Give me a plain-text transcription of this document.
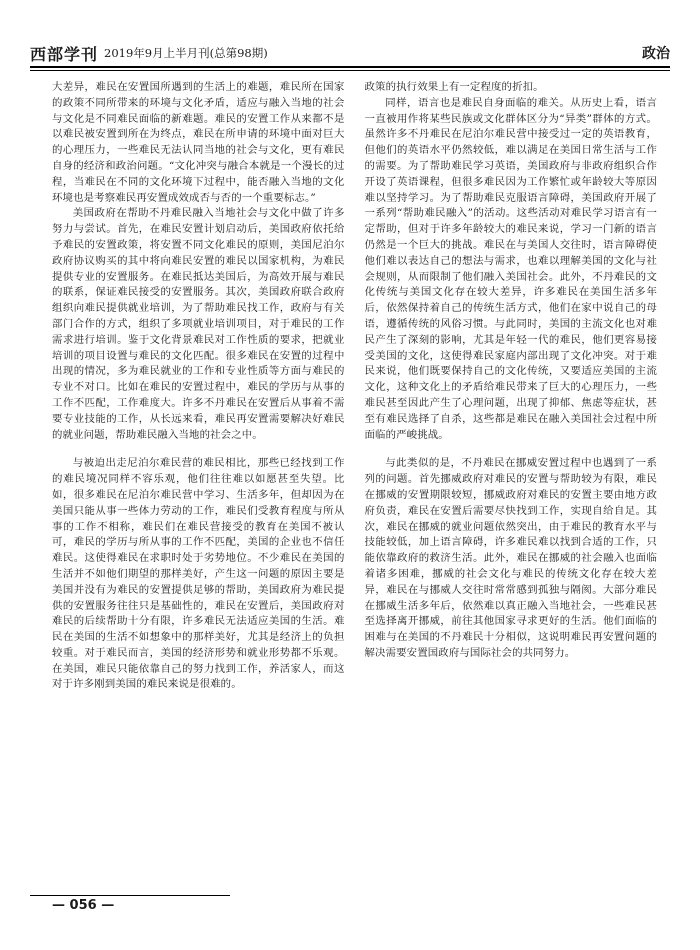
西部学刊 2019年9月上半月刊(总第98期)	政治

大差异，难民在安置国所遇到的生活上的难题，难民所在国家的政策不同所带来的环境与文化矛盾，适应与融入当地的社会与文化是不同难民面临的新难题。难民的安置工作从来都不是以难民被安置到所在为终点，难民在所申请的环境中面对巨大的心理压力，一些难民无法认同当地的社会与文化，更有难民自身的经济和政治问题。“文化冲突与融合本就是一个漫长的过程，当难民在不同的文化环境下过程中，能否融入当地的文化环境也是考察难民再安置成效成否与否的一个重要标志。”

美国政府在帮助不丹难民融入当地社会与文化中做了许多努力与尝试。首先，在难民安置计划启动后，美国政府依托给予难民的安置政策，将安置不同文化难民的原则，美国尼泊尔政府协议购买的其中将向难民安置的难民以国家机构，为难民提供专业的安置服务。在难民抵达美国后，为高效开展与难民的联系，保证难民接受的安置服务。其次，美国政府联合政府组织向难民提供就业培训，为了帮助难民找工作，政府与有关部门合作的方式，组织了多项就业培训项目，对于难民的工作需求进行培训。鉴于文化背景难民对工作性质的要求，把就业培训的项目设置与难民的文化匹配。很多难民在安置的过程中出现的情况，多为难民就业的工作和专业性质等方面与难民的专业不对口。比如在难民的安置过程中，难民的学历与从事的工作不匹配，工作难度大。许多不丹难民在安置后从事着不需要专业技能的工作，从长远来看，难民再安置需要解决好难民的就业问题，帮助难民融入当地的社会之中。

与被迫出走尼泊尔难民营的难民相比，那些已经找到工作的难民境况同样不容乐观，他们往往难以如愿甚至失望。比如，很多难民在尼泊尔难民营中学习、生活多年，但却因为在美国只能从事一些体力劳动的工作，难民们受教育程度与所从事的工作不相称，难民们在难民营接受的教育在美国不被认可，难民的学历与所从事的工作不匹配，美国的企业也不信任难民。这使得难民在求职时处于劣势地位。不少难民在美国的生活并不如他们期望的那样美好，产生这一问题的原因主要是美国并没有为难民的安置提供足够的帮助，美国政府为难民提供的安置服务往往只是基础性的，难民在安置后，美国政府对难民的后续帮助十分有限，许多难民无法适应美国的生活。难民在美国的生活不如想象中的那样美好，尤其是经济上的负担较重。对于难民而言，美国的经济形势和就业形势都不乐观。在美国，难民只能依靠自己的努力找到工作，养活家人，而这对于许多刚到美国的难民来说是很难的。

政策的执行效果上有一定程度的折扣。

同样，语言也是难民自身面临的难关。从历史上看，语言一直被用作将某些民族或文化群体区分为“异类”群体的方式。虽然许多不丹难民在尼泊尔难民营中接受过一定的英语教育，但他们的英语水平仍然较低，难以满足在美国日常生活与工作的需要。为了帮助难民学习英语，美国政府与非政府组织合作开设了英语课程，但很多难民因为工作繁忙或年龄较大等原因难以坚持学习。为了帮助难民克服语言障碍，美国政府开展了一系列“帮助难民融入”的活动。这些活动对难民学习语言有一定帮助，但对于许多年龄较大的难民来说，学习一门新的语言仍然是一个巨大的挑战。难民在与美国人交往时，语言障碍使他们难以表达自己的想法与需求，也难以理解美国的文化与社会规则，从而限制了他们融入美国社会。此外，不丹难民的文化传统与美国文化存在较大差异，许多难民在美国生活多年后，依然保持着自己的传统生活方式，他们在家中说自己的母语，遵循传统的风俗习惯。与此同时，美国的主流文化也对难民产生了深刻的影响，尤其是年轻一代的难民，他们更容易接受美国的文化，这使得难民家庭内部出现了文化冲突。对于难民来说，他们既要保持自己的文化传统，又要适应美国的主流文化，这种文化上的矛盾给难民带来了巨大的心理压力，一些难民甚至因此产生了心理问题，出现了抑郁、焦虑等症状，甚至有难民选择了自杀，这些都是难民在融入美国社会过程中所面临的严峻挑战。

与此类似的是，不丹难民在挪威安置过程中也遇到了一系列的问题。首先挪威政府对难民的安置与帮助较为有限，难民在挪威的安置期限较短，挪威政府对难民的安置主要由地方政府负责，难民在安置后需要尽快找到工作，实现自给自足。其次，难民在挪威的就业问题依然突出，由于难民的教育水平与技能较低，加上语言障碍，许多难民难以找到合适的工作，只能依靠政府的救济生活。此外，难民在挪威的社会融入也面临着诸多困难，挪威的社会文化与难民的传统文化存在较大差异，难民在与挪威人交往时常常感到孤独与隔阂。大部分难民在挪威生活多年后，依然难以真正融入当地社会，一些难民甚至选择离开挪威，前往其他国家寻求更好的生活。他们面临的困难与在美国的不丹难民十分相似，这说明难民再安置问题的解决需要安置国政府与国际社会的共同努力。

— 056 —
